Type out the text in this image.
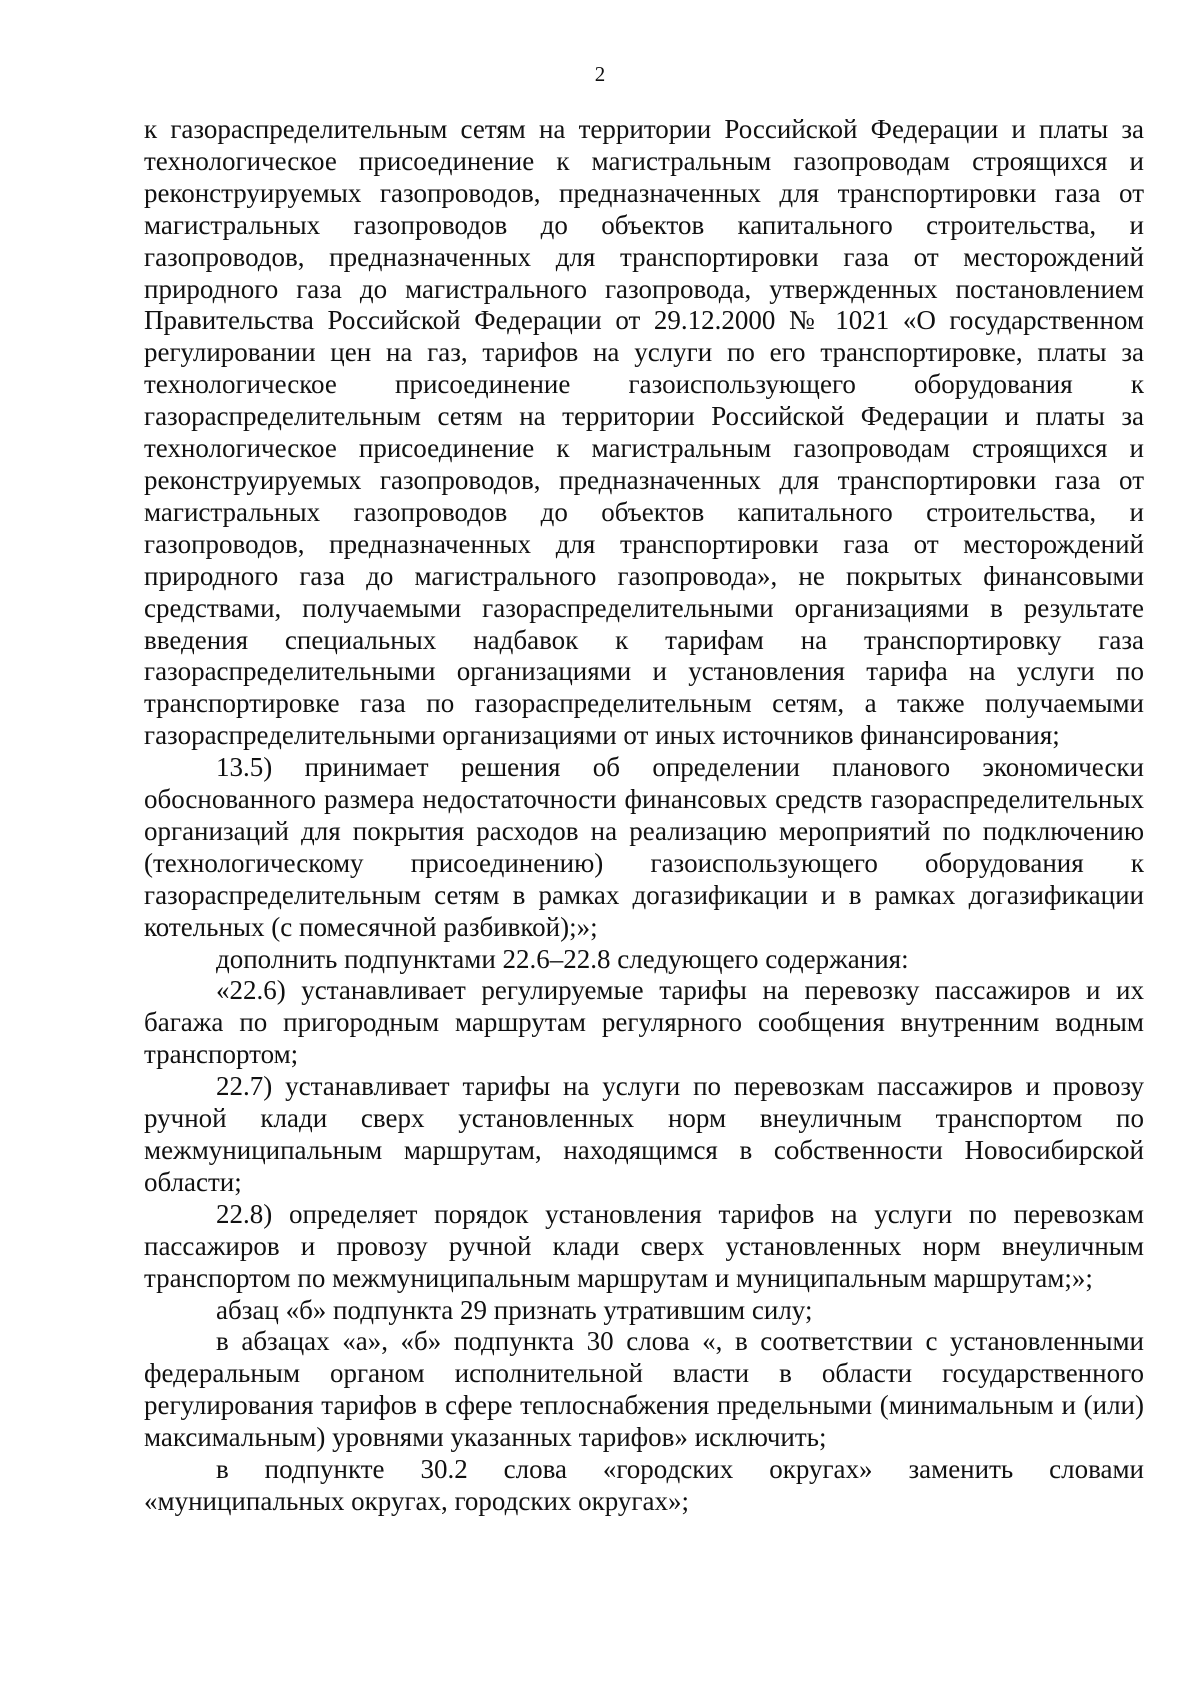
2

к газораспределительным сетям на территории Российской Федерации и платы за технологическое присоединение к магистральным газопроводам строящихся и реконструируемых газопроводов, предназначенных для транспортировки газа от магистральных газопроводов до объектов капитального строительства, и газопроводов, предназначенных для транспортировки газа от месторождений природного газа до магистрального газопровода, утвержденных постановлением Правительства Российской Федерации от 29.12.2000 № 1021 «О государственном регулировании цен на газ, тарифов на услуги по его транспортировке, платы за технологическое присоединение газоиспользующего оборудования к газораспределительным сетям на территории Российской Федерации и платы за технологическое присоединение к магистральным газопроводам строящихся и реконструируемых газопроводов, предназначенных для транспортировки газа от магистральных газопроводов до объектов капитального строительства, и газопроводов, предназначенных для транспортировки газа от месторождений природного газа до магистрального газопровода», не покрытых финансовыми средствами, получаемыми газораспределительными организациями в результате введения специальных надбавок к тарифам на транспортировку газа газораспределительными организациями и установления тарифа на услуги по транспортировке газа по газораспределительным сетям, а также получаемыми газораспределительными организациями от иных источников финансирования;

13.5) принимает решения об определении планового экономически обоснованного размера недостаточности финансовых средств газораспределительных организаций для покрытия расходов на реализацию мероприятий по подключению (технологическому присоединению) газоиспользующего оборудования к газораспределительным сетям в рамках догазификации и в рамках догазификации котельных (с помесячной разбивкой);»;

дополнить подпунктами 22.6–22.8 следующего содержания:

«22.6) устанавливает регулируемые тарифы на перевозку пассажиров и их багажа по пригородным маршрутам регулярного сообщения внутренним водным транспортом;

22.7) устанавливает тарифы на услуги по перевозкам пассажиров и провозу ручной клади сверх установленных норм внеуличным транспортом по межмуниципальным маршрутам, находящимся в собственности Новосибирской области;

22.8) определяет порядок установления тарифов на услуги по перевозкам пассажиров и провозу ручной клади сверх установленных норм внеуличным транспортом по межмуниципальным маршрутам и муниципальным маршрутам;»;

абзац «б» подпункта 29 признать утратившим силу;

в абзацах «а», «б» подпункта 30 слова «, в соответствии с установленными федеральным органом исполнительной власти в области государственного регулирования тарифов в сфере теплоснабжения предельными (минимальным и (или) максимальным) уровнями указанных тарифов» исключить;

в подпункте 30.2 слова «городских округах» заменить словами «муниципальных округах, городских округах»;
